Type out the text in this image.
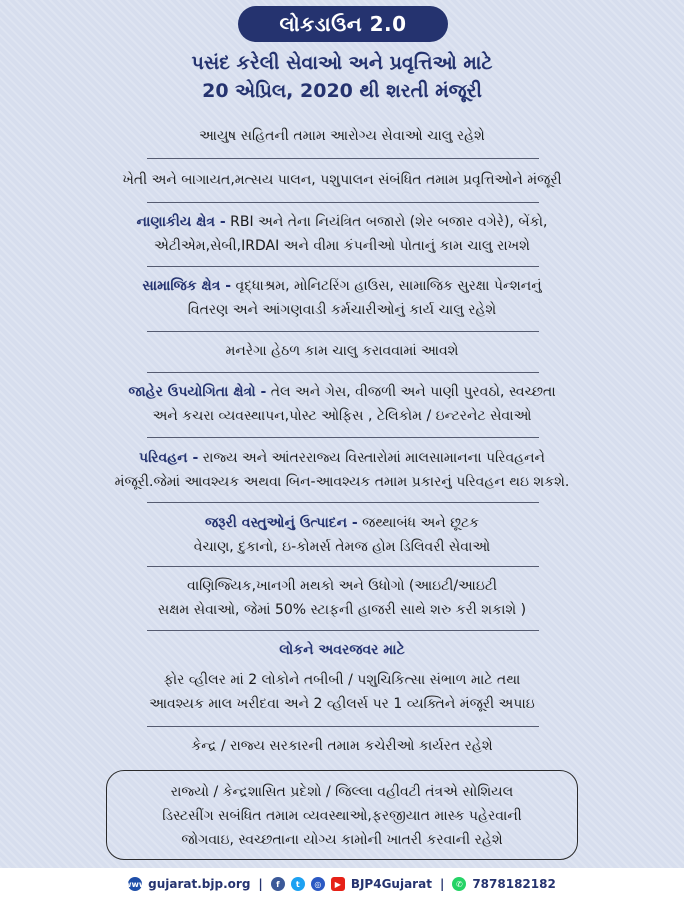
લોકડાઉન 2.0
પસંદ કરેલી સેવાઓ અને પ્રવૃત્તિઓ માટે
20 એપ્રિલ, 2020 થી શરતી મંજૂરી
આયુષ સહિતની તમામ આરોગ્ય સેવાઓ ચાલુ રહેશે
ખેતી અને બાગાયત,મત્સય પાલન, પશુપાલન સંબંધિત તમામ પ્રવૃત્તિઓને મંજૂરી
નાણાકીય ક્ષેત્ર - RBI અને તેના નિયંત્રિત બજારો (શેર બજાર વગેરે), બેંકો,
એટીએમ,સેબી,IRDAI અને વીમા કંપનીઓ પોતાનું કામ ચાલુ રાખશે
સામાજિક ક્ષેત્ર - વૃદ્ધાશ્રમ, મોનિટરિંગ હાઉસ, સામાજિક સુરક્ષા પેન્શનનું
વિતરણ અને આંગણવાડી કર્મચારીઓનું કાર્ય ચાલુ રહેશે
મનરેગા હેઠળ કામ ચાલુ કરાવવામાં આવશે
જાહેર ઉપયોગિતા ક્ષેત્રો - તેલ અને ગેસ, વીજળી અને પાણી પુરવઠો, સ્વચ્છતા
અને કચરા વ્યવસ્થાપન,પોસ્ટ ઓફિસ , ટેલિકોમ / ઇન્ટરનેટ સેવાઓ
પરિવહન - રાજ્ય અને આંતરરાજ્ય વિસ્તારોમાં માલસામાનના પરિવહનને
મંજૂરી.જેમાં આવશ્યક અથવા બિન-આવશ્યક તમામ પ્રકારનું પરિવહન થઇ શકશે.
જરૂરી વસ્તુઓનું ઉત્પાદન - જથ્થાબંધ અને છૂટક
વેચાણ, દુકાનો, ઇ-કોમર્સ તેમજ હોમ ડિલિવરી સેવાઓ
વાણિજ્યિક,ખાનગી મથકો અને ઉધોગો (આઇટી/આઇટી
સક્ષમ સેવાઓ, જેમાં 50% સ્ટાફની હાજરી સાથે શરુ કરી શકાશે )
લોકને અવરજવર માટે
ફોર વ્હીલર માં 2 લોકોને તબીબી / પશુચિકિત્સા સંભાળ માટે તથા
આવશ્યક માલ ખરીદવા અને 2 વ્હીલર્સ પર 1 વ્યક્તિને મંજૂરી અપાઇ
કેન્દ્ર / રાજ્ય સરકારની તમામ કચેરીઓ કાર્યરત રહેશે
રાજ્યો / કેન્દ્રશાસિત પ્રદેશો / જિલ્લા વહીવટી તંત્રએ સોશિયલ
ડિસ્ટસીંગ સબંધિત તમામ વ્યવસ્થાઓ,ફરજીયાત માસ્ક પહેરવાની
જોગવાઇ, સ્વચ્છતાના યોગ્ય કામોની ખાતરી કરવાની રહેશે
www gujarat.bjp.org |	f	t	◎	▶ BJP4Gujarat |	✆ 7878182182
